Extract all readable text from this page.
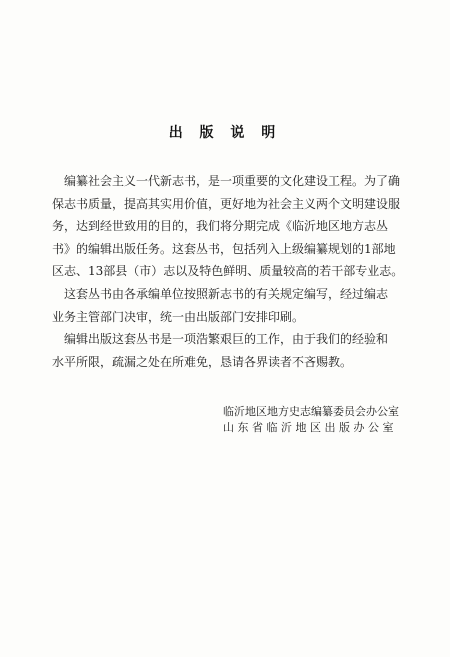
出 版 说 明
编纂社会主义一代新志书，是一项重要的文化建设工程。为了确
保志书质量，提高其实用价值，更好地为社会主义两个文明建设服
务，达到经世致用的目的，我们将分期完成《临沂地区地方志丛
书》的编辑出版任务。这套丛书，包括列入上级编纂规划的1部地
区志、13部县（市）志以及特色鲜明、质量较高的若干部专业志。
这套丛书由各承编单位按照新志书的有关规定编写，经过编志
业务主管部门决审，统一由出版部门安排印刷。
编辑出版这套丛书是一项浩繁艰巨的工作，由于我们的经验和
水平所限，疏漏之处在所难免，恳请各界读者不吝赐教。
临沂地区地方史志编纂委员会办公室
山 东 省 临 沂 地 区 出 版 办 公 室
